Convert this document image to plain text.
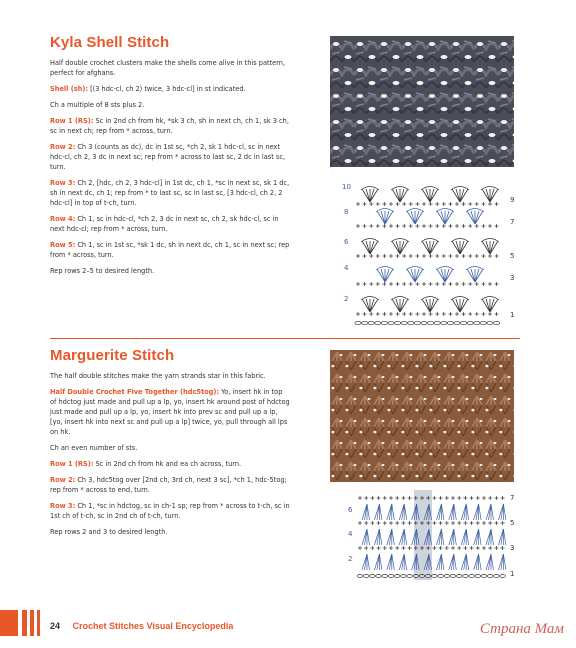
Kyla Shell Stitch

Half double crochet clusters make the shells come alive in this pattern, perfect for afghans.

Shell (sh): [(3 hdc-cl, ch 2) twice, 3 hdc-cl] in st indicated.

Ch a multiple of 8 sts plus 2.

Row 1 (RS): Sc in 2nd ch from hk, *sk 3 ch, sh in next ch, ch 1, sk 3 ch, sc in next ch; rep from * across, turn.

Row 2: Ch 3 (counts as dc), dc in 1st sc, *ch 2, sk 1 hdc-cl, sc in next hdc-cl, ch 2, 3 dc in next sc; rep from * across to last sc, 2 dc in last sc, turn.

Row 3: Ch 2, [hdc, ch 2, 3 hdc-cl] in 1st dc, ch 1, *sc in next sc, sk 1 dc, sh in next dc, ch 1; rep from * to last sc, sc in last sc, [3 hdc-cl, ch 2, 2 hdc-cl] in top of t-ch, turn.

Row 4: Ch 1, sc in hdc-cl, *ch 2, 3 dc in next sc, ch 2, sk hdc-cl, sc in next hdc-cl; rep from * across, turn.

Row 5: Ch 1, sc in 1st sc, *sk 1 dc, sh in next dc, ch 1, sc in next sc; rep from * across, turn.

Rep rows 2–5 to desired length.

10
8
6
4
2
9
7
5
3
1
Marguerite Stitch

The half double stitches make the yarn strands star in this fabric.

Half Double Crochet Five Together (hdc5tog): Yo, insert hk in top of hdctog just made and pull up a lp, yo, insert hk around post of hdctog just made and pull up a lp, yo, insert hk into prev sc and pull up a lp, [yo, insert hk into next sc and pull up a lp] twice, yo, pull through all lps on hk.

Ch an even number of sts.

Row 1 (RS): Sc in 2nd ch from hk and ea ch across, turn.

Row 2: Ch 3, hdc5tog over [2nd ch, 3rd ch, next 3 sc], *ch 1, hdc-5tog; rep from * across to end, turn.

Row 3: Ch 1, *sc in hdctog, sc in ch-1 sp; rep from * across to t-ch, sc in 1st ch of t-ch, sc in 2nd ch of t-ch, turn.

Rep rows 2 and 3 to desired length.

6
4
2
7
5
3
1
24 Crochet Stitches Visual Encyclopedia	Страна Мам
